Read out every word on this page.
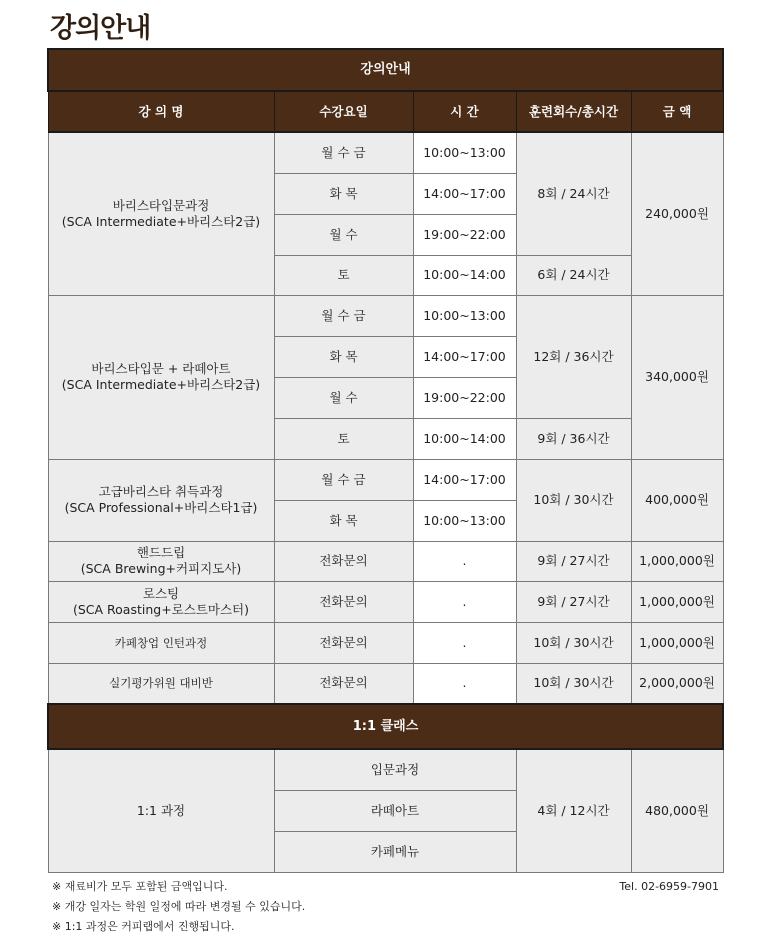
강의안내
강의안내				
강 의 명	수강요일	시 간	훈련회수/총시간	금 액

바리스타입문과정
(SCA Intermediate+바리스타2급)	월 수 금	10:00~13:00	8회 / 24시간	240,000원
	화 목	14:00~17:00		
	월 수	19:00~22:00		
	토	10:00~14:00	6회 / 24시간	

바리스타입문 + 라떼아트
(SCA Intermediate+바리스타2급)	월 수 금	10:00~13:00	12회 / 36시간	340,000원
	화 목	14:00~17:00		
	월 수	19:00~22:00		
	토	10:00~14:00	9회 / 36시간	

고급바리스타 취득과정
(SCA Professional+바리스타1급)	월 수 금	14:00~17:00	10회 / 30시간	400,000원
	화 목	10:00~13:00		

핸드드립
(SCA Brewing+커피지도사)	전화문의	.	9회 / 27시간	1,000,000원

로스팅
(SCA Roasting+로스트마스터)	전화문의	.	9회 / 27시간	1,000,000원
카페창업 인턴과정	전화문의	.	10회 / 30시간	1,000,000원
실기평가위원 대비반	전화문의	.	10회 / 30시간	2,000,000원
1:1 클래스				
1:1 과정	입문과정		4회 / 12시간	480,000원
	라떼아트			
	카페메뉴			
※ 재료비가 모두 포함된 금액입니다.
※ 개강 일자는 학원 일정에 따라 변경될 수 있습니다.
※ 1:1 과정은 커피랩에서 진행됩니다.
Tel. 02-6959-7901
